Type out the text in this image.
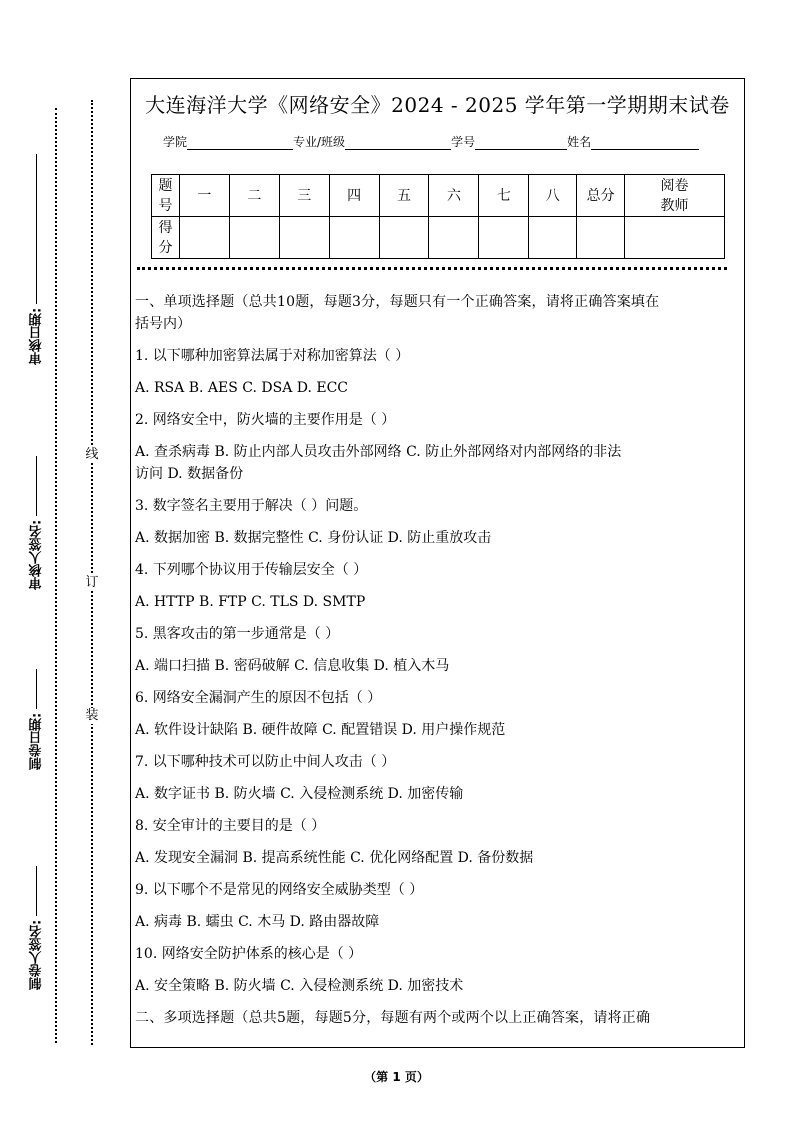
审核日期:
审核人签名:
制卷日期:
制卷人签名:
线
订
装
大连海洋大学《网络安全》2024 - 2025 学年第一学期期末试卷
学院	专业/班级	学号	姓名
题号	一	二	三	四	五	六	七	八	总分	阅卷教师

得分										

一、单项选择题（总共10题，每题3分，每题只有一个正确答案，请将正确答案填在

括号内）

1. 以下哪种加密算法属于对称加密算法（ ）

A. RSA B. AES C. DSA D. ECC

2. 网络安全中，防火墙的主要作用是（ ）

A. 查杀病毒 B. 防止内部人员攻击外部网络 C. 防止外部网络对内部网络的非法

访问 D. 数据备份

3. 数字签名主要用于解决（ ）问题。

A. 数据加密 B. 数据完整性 C. 身份认证 D. 防止重放攻击

4. 下列哪个协议用于传输层安全（ ）

A. HTTP B. FTP C. TLS D. SMTP

5. 黑客攻击的第一步通常是（ ）

A. 端口扫描 B. 密码破解 C. 信息收集 D. 植入木马

6. 网络安全漏洞产生的原因不包括（ ）

A. 软件设计缺陷 B. 硬件故障 C. 配置错误 D. 用户操作规范

7. 以下哪种技术可以防止中间人攻击（ ）

A. 数字证书 B. 防火墙 C. 入侵检测系统 D. 加密传输

8. 安全审计的主要目的是（ ）

A. 发现安全漏洞 B. 提高系统性能 C. 优化网络配置 D. 备份数据

9. 以下哪个不是常见的网络安全威胁类型（ ）

A. 病毒 B. 蠕虫 C. 木马 D. 路由器故障

10. 网络安全防护体系的核心是（ ）

A. 安全策略 B. 防火墙 C. 入侵检测系统 D. 加密技术

二、多项选择题（总共5题，每题5分，每题有两个或两个以上正确答案，请将正确

（第 1 页）
